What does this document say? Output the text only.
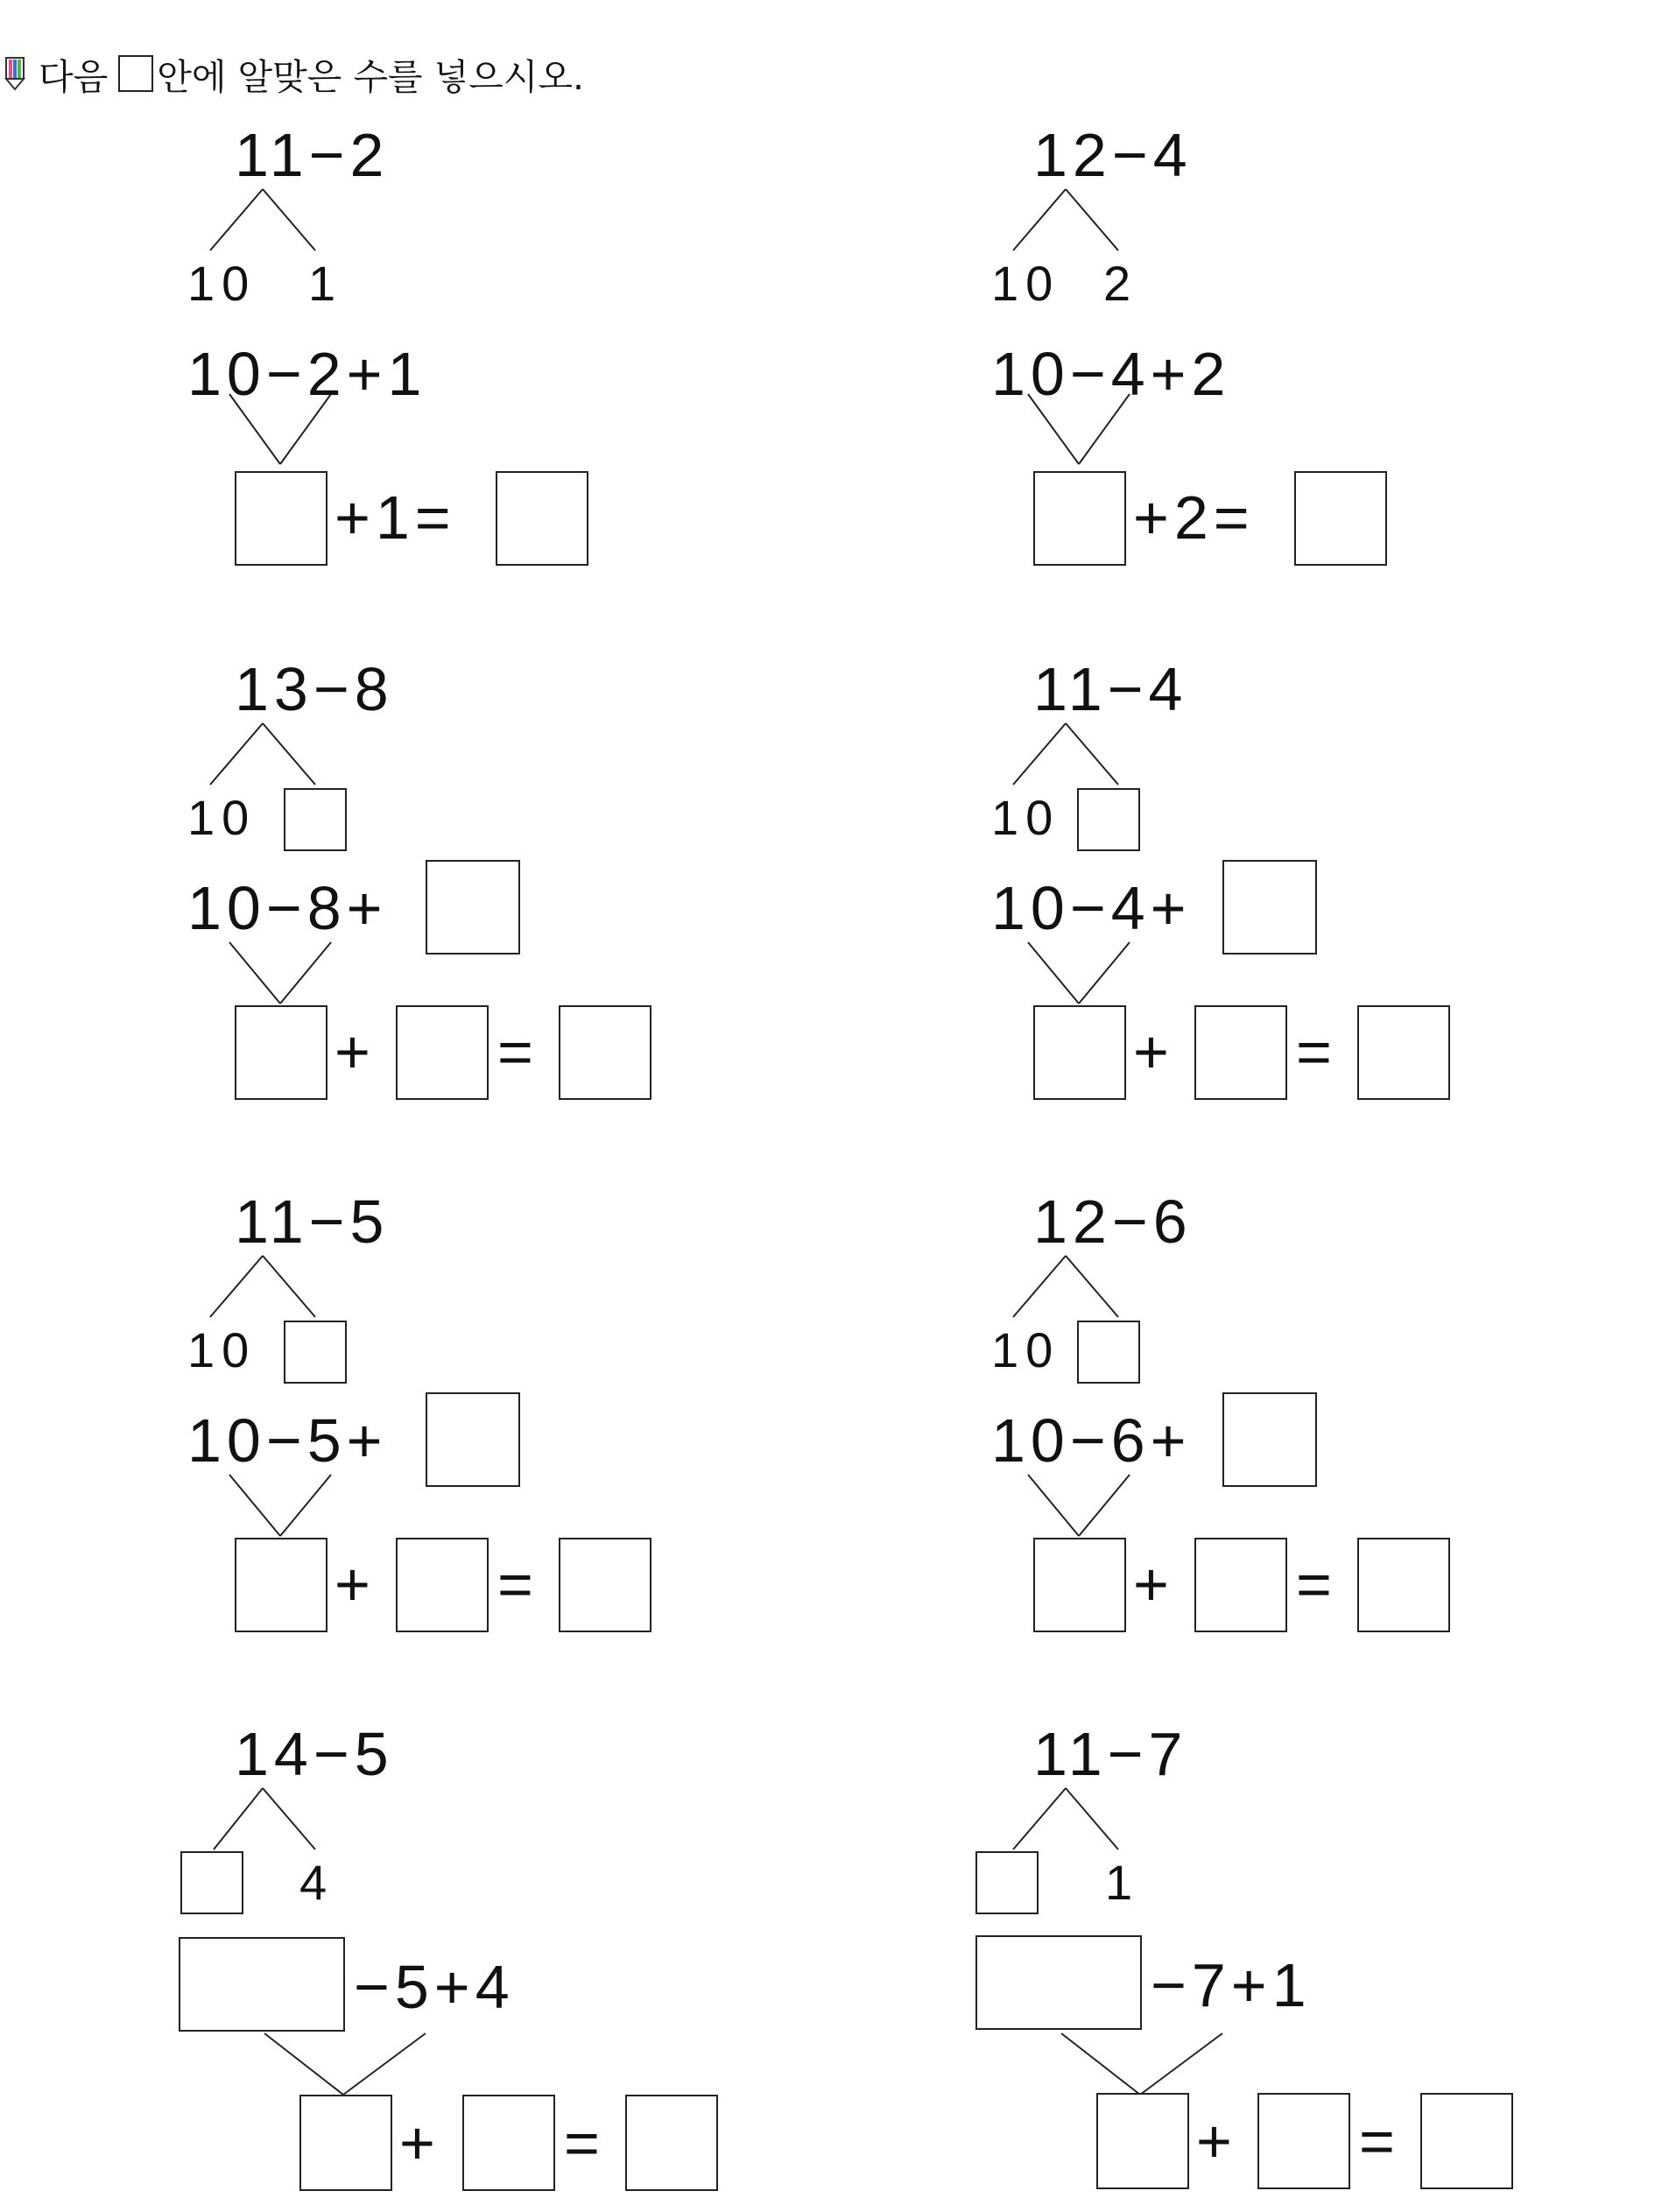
다음 안에 알맞은 수를 넣으시오.
11−2
10 1
10−2+1
+1=
12−4
10 2
10−4+2
+2=
13−8
10
10−8+
+ =
11−4
10
10−4+
+ =
11−5
10
10−5+
+ =
12−6
10
10−6+
+ =
14−5
4
−5+4
+ =
11−7
1
−7+1
+ =
